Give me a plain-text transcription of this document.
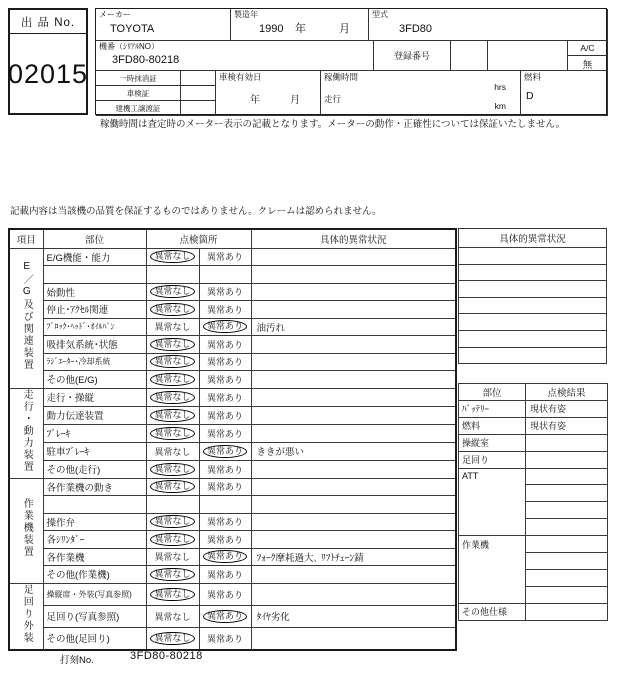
出 品 No.
02015
メーカー
TOYOTA
製造年
1990 年	月
型式
3FD80
機番（ｼﾘｱﾙNO）
3FD80-80218	登録番号
A/C
無
一時抹消証
車検証
建機工譲渡証
車検有効日
年	月
稼働時間
hrs
走行
km
燃料
D
稼働時間は査定時のメーター表示の記載となります。メーターの動作・正確性については保証いたしません。
記載内容は当該機の品質を保証するものではありません。クレームは認められません。
項目	部位	点検箇所		具体的異常状況
E／G及び関連装置	E/G機能・能力	異常なし	異常あり	

	始動性	異常なし	異常あり	
	停止･ｱｸｾﾙ関連	異常なし	異常あり	
	ﾌﾞﾛｯｸ･ﾍｯﾄﾞ･ｵｲﾙﾊﾟﾝ	異常なし	異常あり	油汚れ
	吸排気系統･状態	異常なし	異常あり	
	ﾗｼﾞｴｰﾀｰ･冷却系統	異常なし	異常あり	
	その他(E/G)	異常なし	異常あり	
走行・動力装置	走行・操縦	異常なし	異常あり	
	動力伝達装置	異常なし	異常あり	
	ﾌﾞﾚｰｷ	異常なし	異常あり	
	駐車ﾌﾞﾚｰｷ	異常なし	異常あり	ききが悪い
	その他(走行)	異常なし	異常あり	
作業機装置	各作業機の動き	異常なし	異常あり	

	操作弁	異常なし	異常あり	
	各ｼﾘﾝﾀﾞｰ	異常なし	異常あり	
	各作業機	異常なし	異常あり	ﾌｫｰｸ摩耗過大､ ﾘﾌﾄﾁｪｰﾝ錆
	その他(作業機)	異常なし	異常あり	
足回り外装	操縦席・外装(写真参照)	異常なし	異常あり	
	足回り(写真参照)	異常なし	異常あり	ﾀｲﾔ劣化
	その他(足回り)	異常なし	異常あり	
具体的異常状況

部位	点検結果
ﾊﾞｯﾃﾘｰ	現状有姿
燃料	現状有姿
操縦室	
足回り	
ATT	

作業機	

その他仕様	
打刻No.	3FD80-80218
